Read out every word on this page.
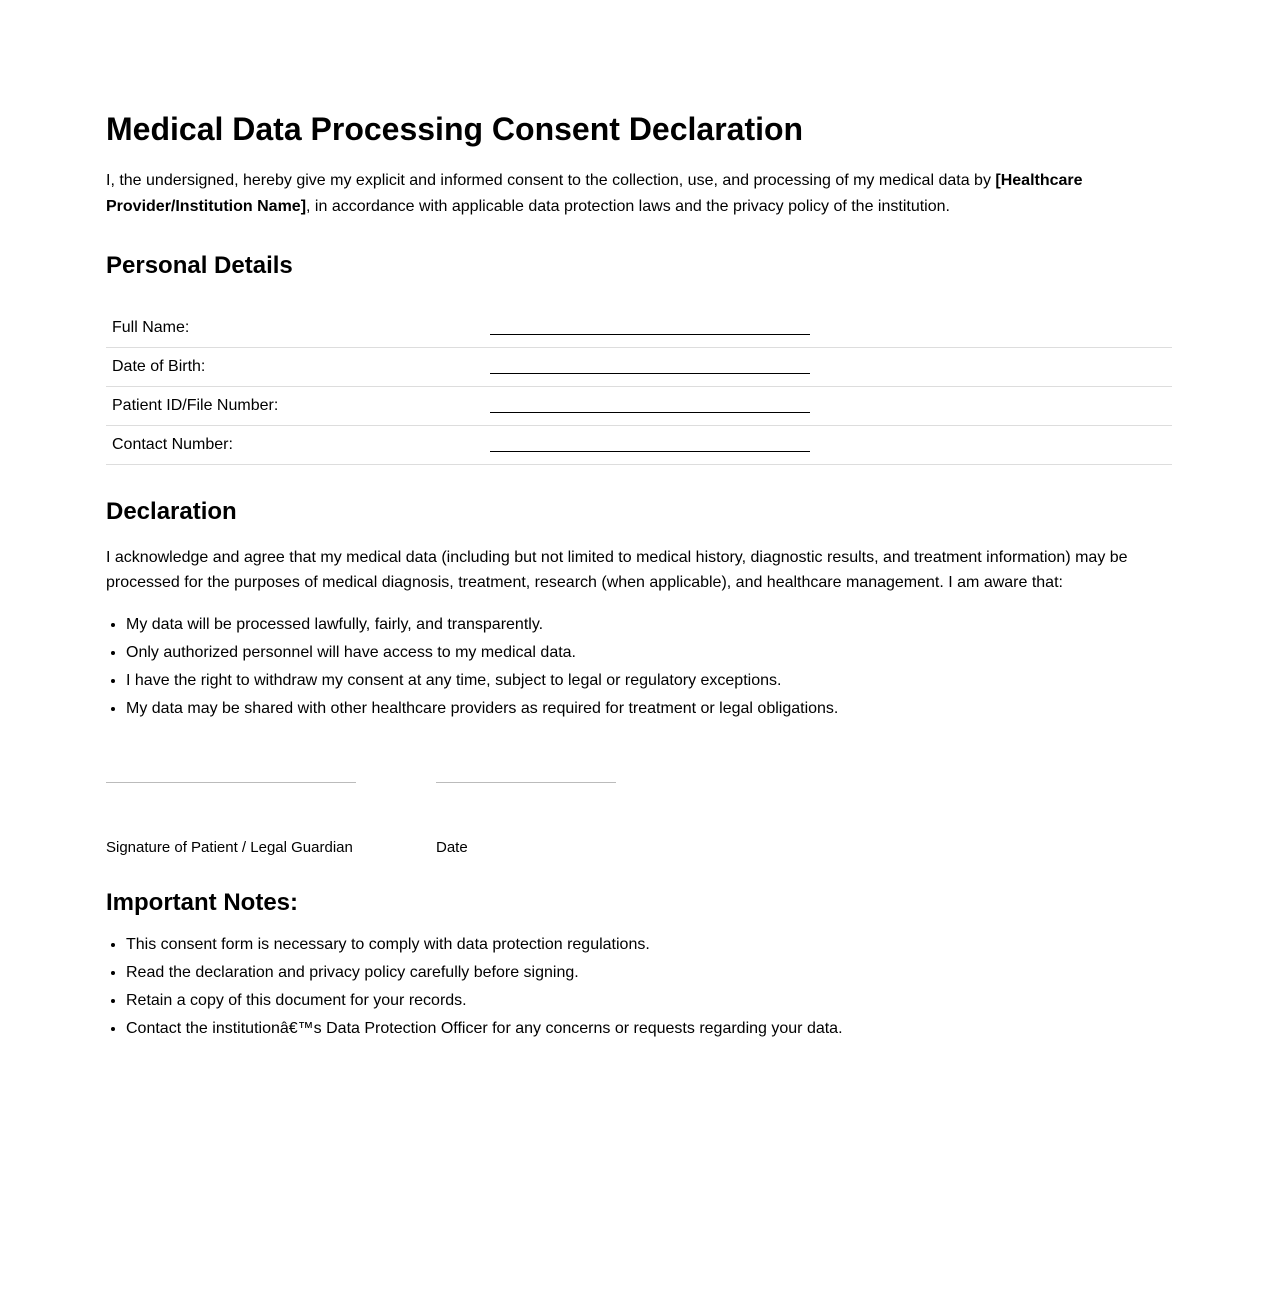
Medical Data Processing Consent Declaration

I, the undersigned, hereby give my explicit and informed consent to the collection, use, and processing of my medical data by [Healthcare Provider/Institution Name], in accordance with applicable data protection laws and the privacy policy of the institution.

Personal Details
Full Name:	
Date of Birth:	
Patient ID/File Number:	
Contact Number:	
Declaration

I acknowledge and agree that my medical data (including but not limited to medical history, diagnostic results, and treatment information) may be processed for the purposes of medical diagnosis, treatment, research (when applicable), and healthcare management. I am aware that:

• My data will be processed lawfully, fairly, and transparently.
• Only authorized personnel will have access to my medical data.
• I have the right to withdraw my consent at any time, subject to legal or regulatory exceptions.
• My data may be shared with other healthcare providers as required for treatment or legal obligations.
Signature of Patient / Legal Guardian	Date
Important Notes:
• This consent form is necessary to comply with data protection regulations.
• Read the declaration and privacy policy carefully before signing.
• Retain a copy of this document for your records.
• Contact the institutionâ€™s Data Protection Officer for any concerns or requests regarding your data.
